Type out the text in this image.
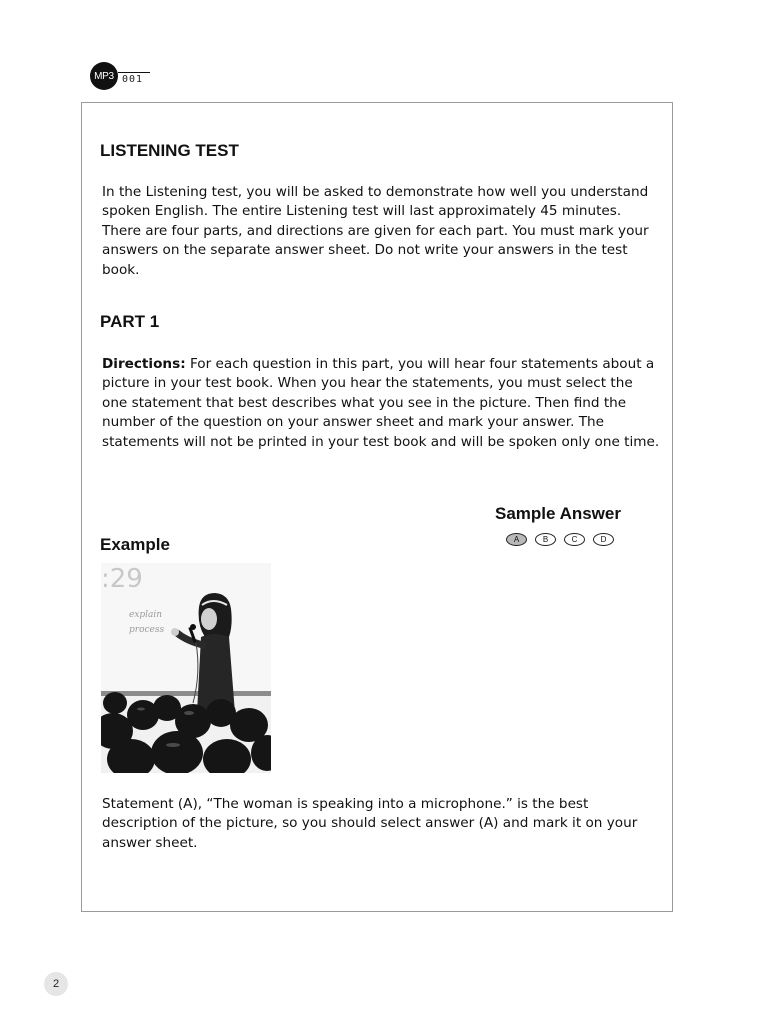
MP3 001
LISTENING TEST

In the Listening test, you will be asked to demonstrate how well you understand spoken English. The entire Listening test will last approximately 45 minutes. There are four parts, and directions are given for each part. You must mark your answers on the separate answer sheet. Do not write your answers in the test book.

PART 1

Directions: For each question in this part, you will hear four statements about a picture in your test book. When you hear the statements, you must select the one statement that best describes what you see in the picture. Then find the number of the question on your answer sheet and mark your answer. The statements will not be printed in your test book and will be spoken only one time.

Sample Answer
A	B	C	D
Example
:29
explain
process

Statement (A), “The woman is speaking into a microphone.” is the best description of the picture, so you should select answer (A) and mark it on your answer sheet.

2
